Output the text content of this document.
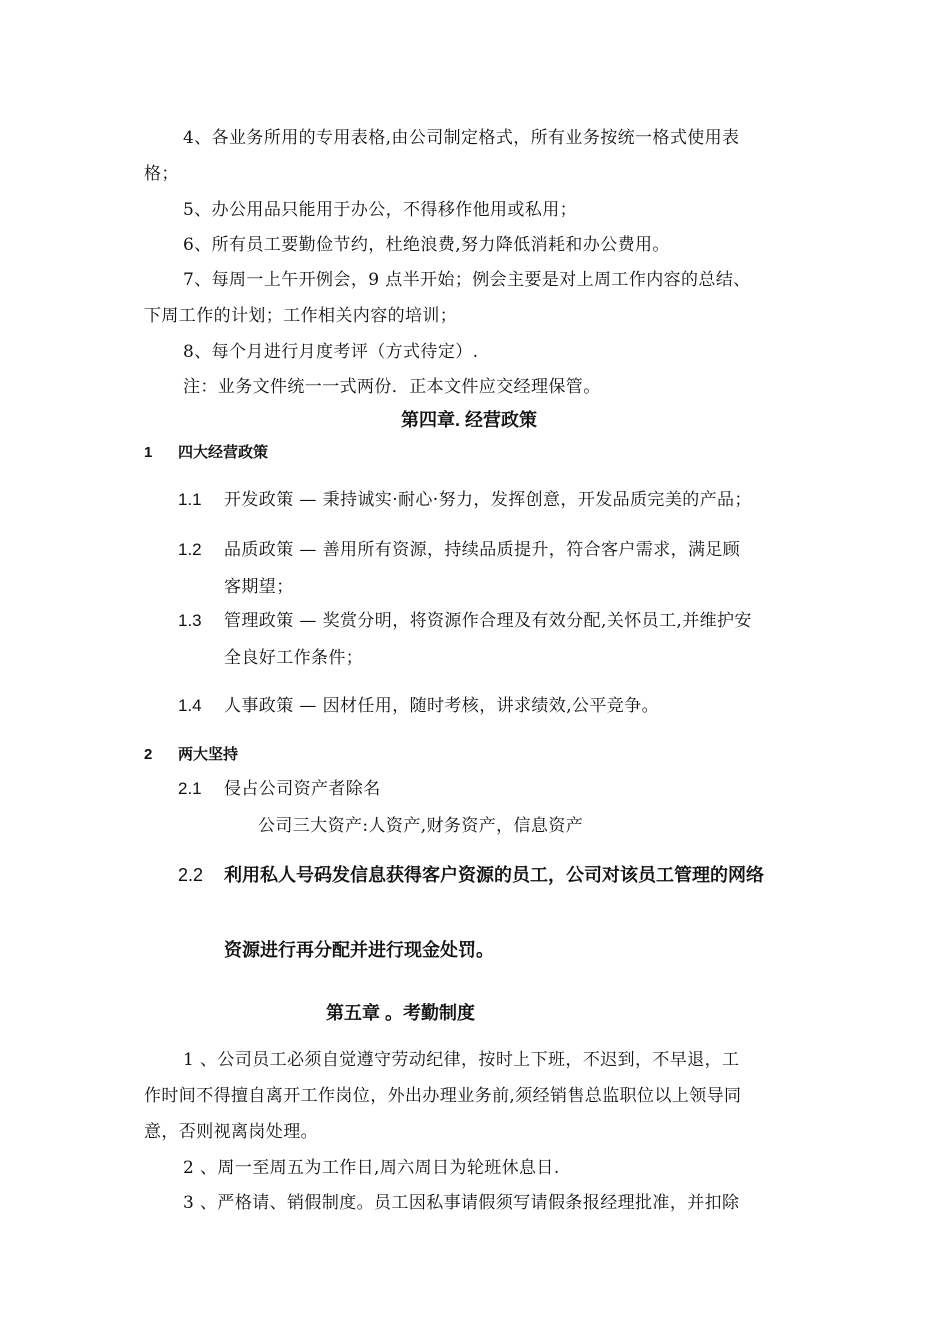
4、各业务所用的专用表格,由公司制定格式，所有业务按统一格式使用表
格；
5、办公用品只能用于办公，不得移作他用或私用；
6、所有员工要勤俭节约，杜绝浪费,努力降低消耗和办公费用。
7、每周一上午开例会，9 点半开始；例会主要是对上周工作内容的总结、
下周工作的计划；工作相关内容的培训；
8、每个月进行月度考评（方式待定）.
注：业务文件统一一式两份．正本文件应交经理保管。
第四章. 经营政策
1 四大经营政策
1.1 开发政策 — 秉持诚实·耐心·努力，发挥创意，开发品质完美的产品；
1.2 品质政策 — 善用所有资源，持续品质提升，符合客户需求，满足顾
客期望；
1.3 管理政策 — 奖赏分明，将资源作合理及有效分配,关怀员工,并维护安
全良好工作条件；
1.4 人事政策 — 因材任用，随时考核，讲求绩效,公平竞争。
2 两大坚持
2.1 侵占公司资产者除名
公司三大资产:人资产,财务资产，信息资产
2.2 利用私人号码发信息获得客户资源的员工，公司对该员工管理的网络
资源进行再分配并进行现金处罚。
第五章 。考勤制度
1 、公司员工必须自觉遵守劳动纪律，按时上下班，不迟到，不早退，工
作时间不得擅自离开工作岗位，外出办理业务前,须经销售总监职位以上领导同
意，否则视离岗处理。
2 、周一至周五为工作日,周六周日为轮班休息日.
3 、严格请、销假制度。员工因私事请假须写请假条报经理批准，并扣除
